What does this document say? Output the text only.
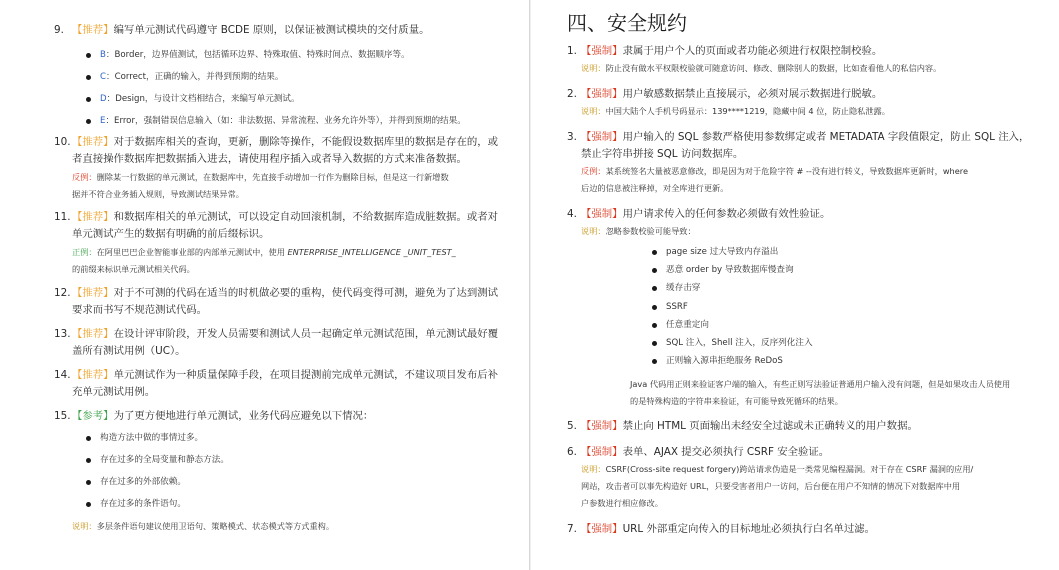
9. 【推荐】编写单元测试代码遵守 BCDE 原则，以保证被测试模块的交付质量。
B：Border，边界值测试，包括循环边界、特殊取值、特殊时间点、数据顺序等。
C：Correct，正确的输入，并得到预期的结果。
D：Design，与设计文档相结合，来编写单元测试。
E：Error，强制错误信息输入（如：非法数据、异常流程、业务允许外等），并得到预期的结果。
10. 【推荐】对于数据库相关的查询，更新，删除等操作，不能假设数据库里的数据是存在的，或
者直接操作数据库把数据插入进去，请使用程序插入或者导入数据的方式来准备数据。
反例：删除某一行数据的单元测试，在数据库中，先直接手动增加一行作为删除目标，但是这一行新增数
据并不符合业务插入规则，导致测试结果异常。
11. 【推荐】和数据库相关的单元测试，可以设定自动回滚机制，不给数据库造成脏数据。或者对
单元测试产生的数据有明确的前后缀标识。
正例：在阿里巴巴企业智能事业部的内部单元测试中，使用 ENTERPRISE_INTELLIGENCE _UNIT_TEST_
的前缀来标识单元测试相关代码。
12. 【推荐】对于不可测的代码在适当的时机做必要的重构，使代码变得可测，避免为了达到测试
要求而书写不规范测试代码。
13. 【推荐】在设计评审阶段，开发人员需要和测试人员一起确定单元测试范围，单元测试最好覆
盖所有测试用例（UC）。
14. 【推荐】单元测试作为一种质量保障手段，在项目提测前完成单元测试，不建议项目发布后补
充单元测试用例。
15. 【参考】为了更方便地进行单元测试，业务代码应避免以下情况：
构造方法中做的事情过多。
存在过多的全局变量和静态方法。
存在过多的外部依赖。
存在过多的条件语句。
说明：多层条件语句建议使用卫语句、策略模式、状态模式等方式重构。
四、安全规约
1. 【强制】隶属于用户个人的页面或者功能必须进行权限控制校验。
说明：防止没有做水平权限校验就可随意访问、修改、删除别人的数据，比如查看他人的私信内容。
2. 【强制】用户敏感数据禁止直接展示，必须对展示数据进行脱敏。
说明：中国大陆个人手机号码显示：139****1219，隐藏中间 4 位，防止隐私泄露。
3. 【强制】用户输入的 SQL 参数严格使用参数绑定或者 METADATA 字段值限定，防止 SQL 注入，
禁止字符串拼接 SQL 访问数据库。
反例：某系统签名大量被恶意修改，即是因为对于危险字符 # --没有进行转义，导致数据库更新时，where
后边的信息被注释掉，对全库进行更新。
4. 【强制】用户请求传入的任何参数必须做有效性验证。
说明：忽略参数校验可能导致：
page size 过大导致内存溢出
恶意 order by 导致数据库慢查询
缓存击穿
SSRF
任意重定向
SQL 注入，Shell 注入，反序列化注入
正则输入源串拒绝服务 ReDoS
Java 代码用正则来验证客户端的输入，有些正则写法验证普通用户输入没有问题，但是如果攻击人员使用
的是特殊构造的字符串来验证，有可能导致死循环的结果。
5. 【强制】禁止向 HTML 页面输出未经安全过滤或未正确转义的用户数据。
6. 【强制】表单、AJAX 提交必须执行 CSRF 安全验证。
说明：CSRF(Cross-site request forgery)跨站请求伪造是一类常见编程漏洞。对于存在 CSRF 漏洞的应用/
网站，攻击者可以事先构造好 URL，只要受害者用户一访问，后台便在用户不知情的情况下对数据库中用
户参数进行相应修改。
7. 【强制】URL 外部重定向传入的目标地址必须执行白名单过滤。
